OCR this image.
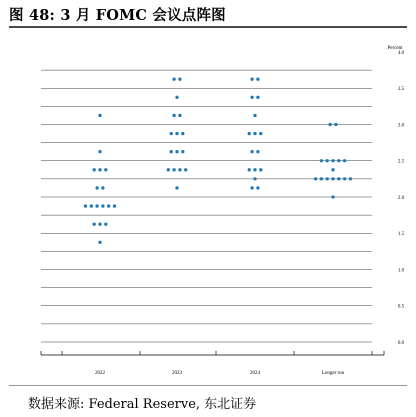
图 48: 3 月 FOMC 会议点阵图
Percent
0.0
0.5
1.0
1.5
2.0
2.5
3.0
3.5
4.0
2022	2023	2024	Longer run
数据来源: Federal Reserve, 东北证券
